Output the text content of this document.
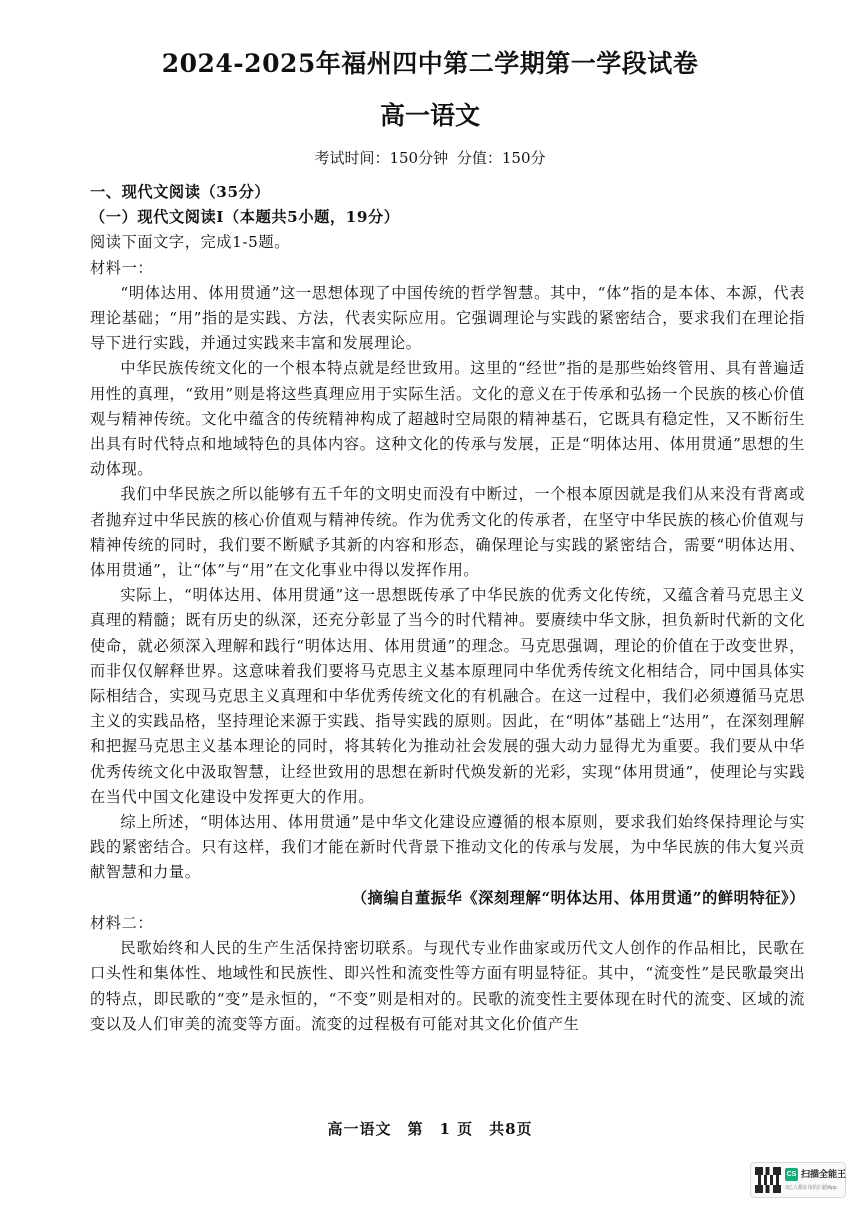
2024-2025年福州四中第二学期第一学段试卷
高一语文
考试时间：150分钟 分值：150分
一、现代文阅读（35分）
（一）现代文阅读Ⅰ（本题共5小题，19分）
阅读下面文字，完成1-5题。
材料一：

“明体达用、体用贯通”这一思想体现了中国传统的哲学智慧。其中，“体”指的是本体、本源，代表理论基础；“用”指的是实践、方法，代表实际应用。它强调理论与实践的紧密结合，要求我们在理论指导下进行实践，并通过实践来丰富和发展理论。

中华民族传统文化的一个根本特点就是经世致用。这里的“经世”指的是那些始终管用、具有普遍适用性的真理，“致用”则是将这些真理应用于实际生活。文化的意义在于传承和弘扬一个民族的核心价值观与精神传统。文化中蕴含的传统精神构成了超越时空局限的精神基石，它既具有稳定性，又不断衍生出具有时代特点和地域特色的具体内容。这种文化的传承与发展，正是“明体达用、体用贯通”思想的生动体现。

我们中华民族之所以能够有五千年的文明史而没有中断过，一个根本原因就是我们从来没有背离或者抛弃过中华民族的核心价值观与精神传统。作为优秀文化的传承者，在坚守中华民族的核心价值观与精神传统的同时，我们要不断赋予其新的内容和形态，确保理论与实践的紧密结合，需要“明体达用、体用贯通”，让“体”与“用”在文化事业中得以发挥作用。

实际上，“明体达用、体用贯通”这一思想既传承了中华民族的优秀文化传统，又蕴含着马克思主义真理的精髓；既有历史的纵深，还充分彰显了当今的时代精神。要赓续中华文脉，担负新时代新的文化使命，就必须深入理解和践行“明体达用、体用贯通”的理念。马克思强调，理论的价值在于改变世界，而非仅仅解释世界。这意味着我们要将马克思主义基本原理同中华优秀传统文化相结合，同中国具体实际相结合，实现马克思主义真理和中华优秀传统文化的有机融合。在这一过程中，我们必须遵循马克思主义的实践品格，坚持理论来源于实践、指导实践的原则。因此，在“明体”基础上“达用”，在深刻理解和把握马克思主义基本理论的同时，将其转化为推动社会发展的强大动力显得尤为重要。我们要从中华优秀传统文化中汲取智慧，让经世致用的思想在新时代焕发新的光彩，实现“体用贯通”，使理论与实践在当代中国文化建设中发挥更大的作用。

综上所述，“明体达用、体用贯通”是中华文化建设应遵循的根本原则，要求我们始终保持理论与实践的紧密结合。只有这样，我们才能在新时代背景下推动文化的传承与发展，为中华民族的伟大复兴贡献智慧和力量。

（摘编自董振华《深刻理解“明体达用、体用贯通”的鲜明特征》）

材料二：

民歌始终和人民的生产生活保持密切联系。与现代专业作曲家或历代文人创作的作品相比，民歌在口头性和集体性、地域性和民族性、即兴性和流变性等方面有明显特征。其中，“流变性”是民歌最突出的特点，即民歌的“变”是永恒的，“不变”则是相对的。民歌的流变性主要体现在时代的流变、区域的流变以及人们审美的流变等方面。流变的过程极有可能对其文化价值产生

高一语文　第　1 页　共8页
CS 扫描全能王
3亿人都在用的扫描App
